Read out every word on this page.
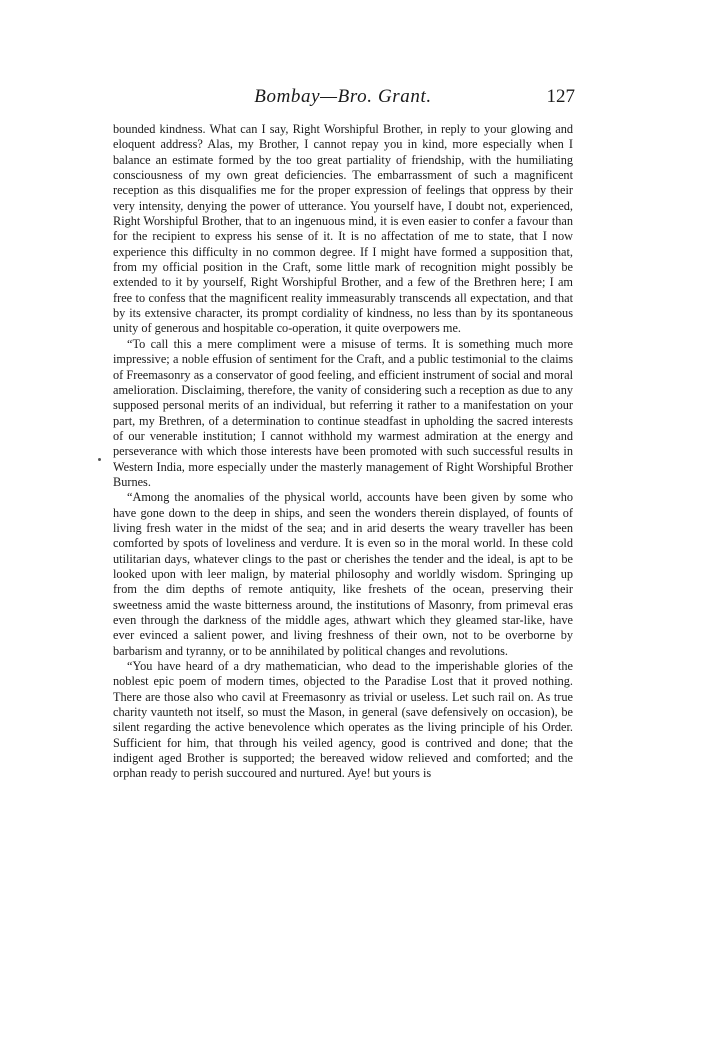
Bombay—Bro. Grant.	127

bounded kindness. What can I say, Right Worshipful Brother, in reply to your glowing and eloquent address? Alas, my Brother, I cannot repay you in kind, more especially when I balance an estimate formed by the too great partiality of friendship, with the humiliating consciousness of my own great deficiencies. The embarrassment of such a magnificent reception as this disqualifies me for the proper expression of feelings that oppress by their very intensity, denying the power of utterance. You yourself have, I doubt not, experienced, Right Worshipful Brother, that to an ingenuous mind, it is even easier to confer a favour than for the recipient to express his sense of it. It is no affectation of me to state, that I now experience this difficulty in no common degree. If I might have formed a supposition that, from my official position in the Craft, some little mark of recognition might possibly be extended to it by yourself, Right Worshipful Brother, and a few of the Brethren here; I am free to confess that the magnificent reality immeasurably transcends all expectation, and that by its extensive character, its prompt cordiality of kindness, no less than by its spontaneous unity of generous and hospitable co-operation, it quite overpowers me.

“To call this a mere compliment were a misuse of terms. It is something much more impressive; a noble effusion of sentiment for the Craft, and a public testimonial to the claims of Freemasonry as a conservator of good feeling, and efficient instrument of social and moral amelioration. Disclaiming, therefore, the vanity of considering such a reception as due to any supposed personal merits of an individual, but referring it rather to a manifestation on your part, my Brethren, of a determination to continue steadfast in upholding the sacred interests of our venerable institution; I cannot withhold my warmest admiration at the energy and perseverance with which those interests have been promoted with such successful results in Western India, more especially under the masterly management of Right Worshipful Brother Burnes.

“Among the anomalies of the physical world, accounts have been given by some who have gone down to the deep in ships, and seen the wonders therein displayed, of founts of living fresh water in the midst of the sea; and in arid deserts the weary traveller has been comforted by spots of loveliness and verdure. It is even so in the moral world. In these cold utilitarian days, whatever clings to the past or cherishes the tender and the ideal, is apt to be looked upon with leer malign, by material philosophy and worldly wisdom. Springing up from the dim depths of remote antiquity, like freshets of the ocean, preserving their sweetness amid the waste bitterness around, the institutions of Masonry, from primeval eras even through the darkness of the middle ages, athwart which they gleamed star-like, have ever evinced a salient power, and living freshness of their own, not to be overborne by barbarism and tyranny, or to be annihilated by political changes and revolutions.

“You have heard of a dry mathematician, who dead to the imperishable glories of the noblest epic poem of modern times, objected to the Paradise Lost that it proved nothing. There are those also who cavil at Freemasonry as trivial or useless. Let such rail on. As true charity vaunteth not itself, so must the Mason, in general (save defensively on occasion), be silent regarding the active benevolence which operates as the living principle of his Order. Sufficient for him, that through his veiled agency, good is contrived and done; that the indigent aged Brother is supported; the bereaved widow relieved and comforted; and the orphan ready to perish succoured and nurtured. Aye! but yours is
